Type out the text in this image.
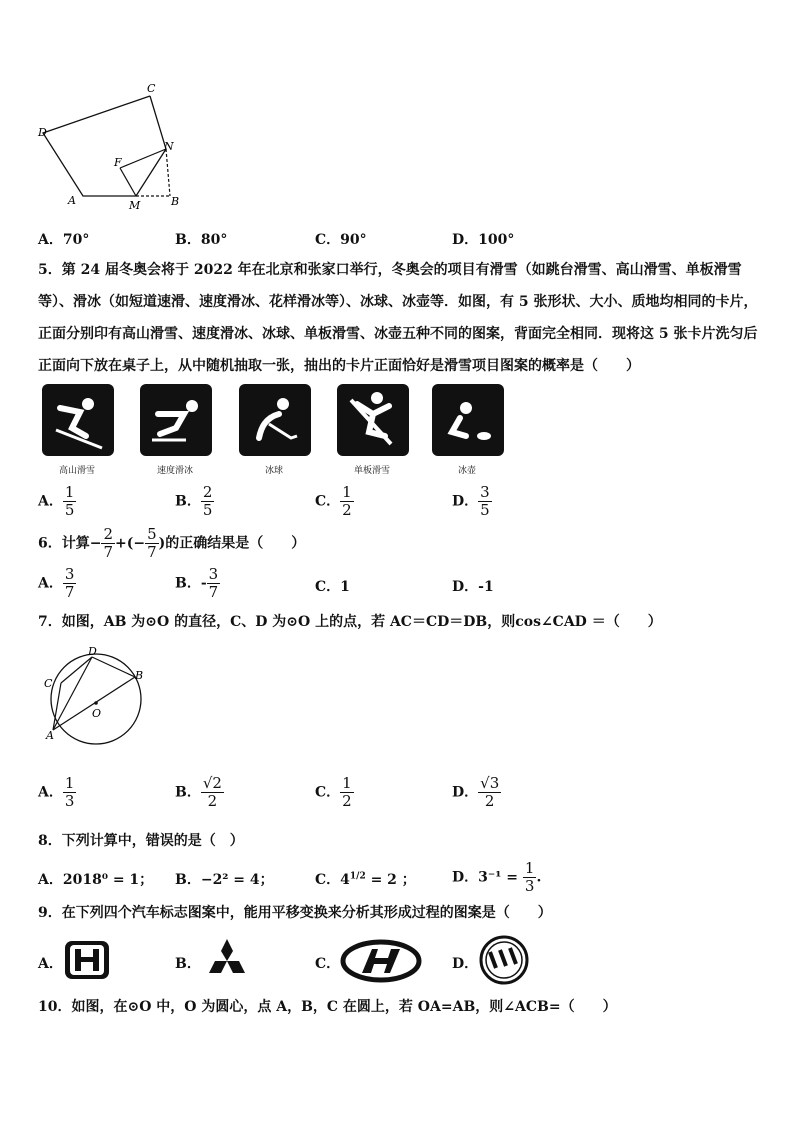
C
D
F
N
A	M	B
A．70°	B．80°	C．90°	D．100°
5．第 24 届冬奥会将于 2022 年在北京和张家口举行，冬奥会的项目有滑雪（如跳台滑雪、高山滑雪、单板滑雪等）、滑冰（如短道速滑、速度滑冰、花样滑冰等）、冰球、冰壶等．如图，有 5 张形状、大小、质地均相同的卡片，正面分别印有高山滑雪、速度滑冰、冰球、单板滑雪、冰壶五种不同的图案，背面完全相同．现将这 5 张卡片洗匀后正面向下放在桌子上，从中随机抽取一张，抽出的卡片正面恰好是滑雪项目图案的概率是（　　）
高山滑雪	速度滑冰	冰球	单板滑雪	冰壶
A． $\frac{1}{5}$	B． $\frac{2}{5}$	C． $\frac{1}{2}$	D． $\frac{3}{5}$
6．计算− $\frac{2}{7}$ +(− $\frac{5}{7}$ )的正确结果是（　　）
A． $\frac{3}{7}$	B．- $\frac{3}{7}$	C．1	D．-1
7．如图，AB 为⊙O 的直径，C、D 为⊙O 上的点，若 AC＝CD＝DB，则cos∠CAD ＝（　　）
D
B
C
O
A
A． $\frac{1}{3}$	B． $\frac{√2}{2}$	C． $\frac{1}{2}$	D． $\frac{√3}{2}$
8．下列计算中，错误的是（　）
A．2018⁰ = 1； B．−2² = 4；	C．$4^{1/2} = 2$ ；	D．$3^{-1} = \frac{1}{3}$ .
9．在下列四个汽车标志图案中，能用平移变换来分析其形成过程的图案是（　　）
A．	B．	C．	D．
10．如图，在⊙O 中，O 为圆心，点 A，B，C 在圆上，若 OA=AB，则∠ACB=（　　）
